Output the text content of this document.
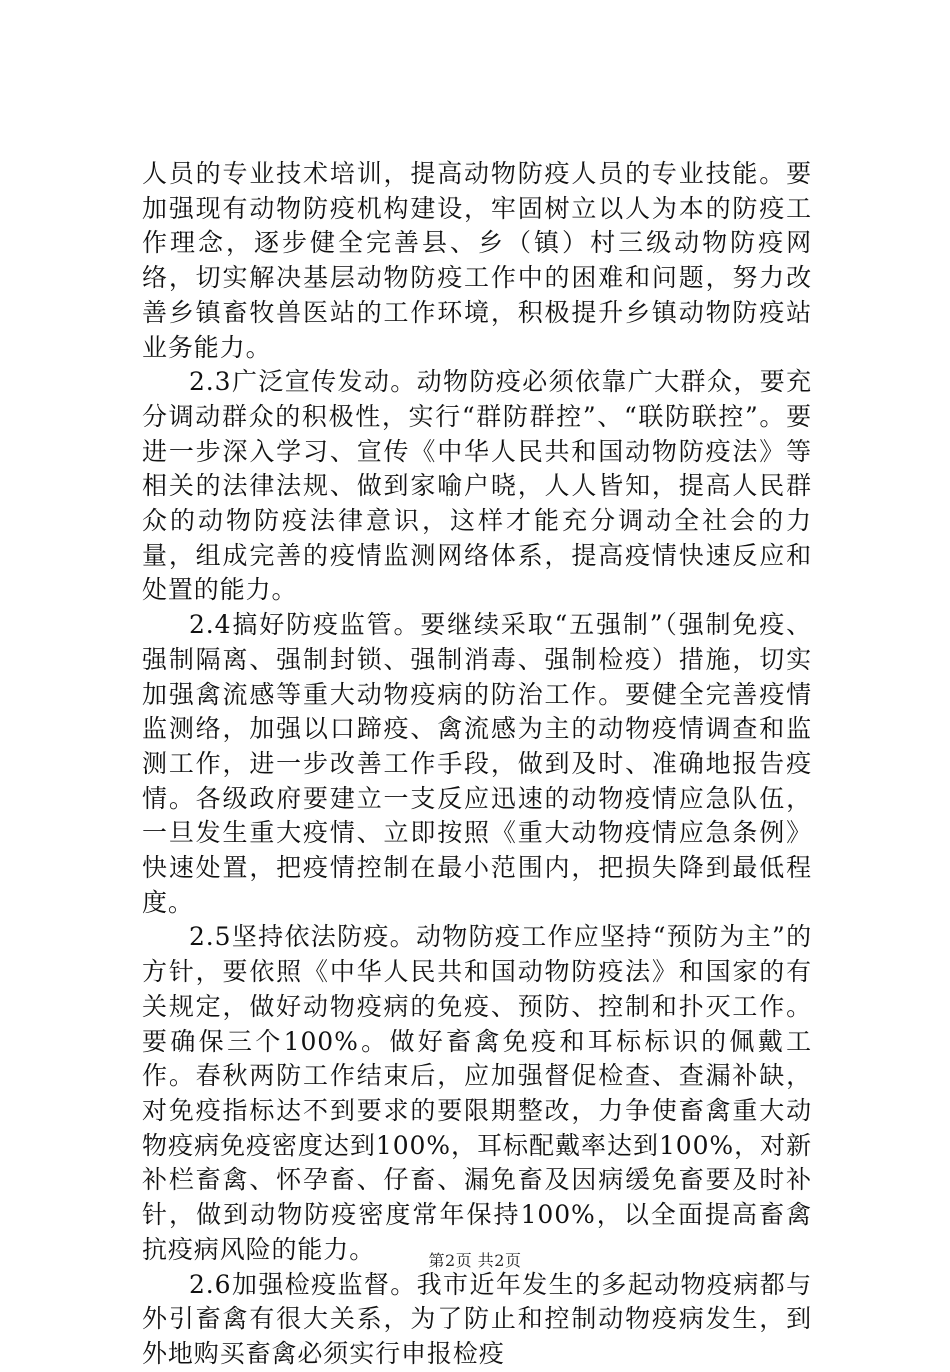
人员的专业技术培训，提高动物防疫人员的专业技能。要加强现有动物防疫机构建设，牢固树立以人为本的防疫工作理念，逐步健全完善县、乡（镇）村三级动物防疫网络，切实解决基层动物防疫工作中的困难和问题，努力改善乡镇畜牧兽医站的工作环境，积极提升乡镇动物防疫站业务能力。

2.3广泛宣传发动。动物防疫必须依靠广大群众，要充分调动群众的积极性，实行“群防群控”、“联防联控”。要进一步深入学习、宣传《中华人民共和国动物防疫法》等相关的法律法规、做到家喻户晓，人人皆知，提高人民群众的动物防疫法律意识，这样才能充分调动全社会的力量，组成完善的疫情监测网络体系，提高疫情快速反应和处置的能力。

2.4搞好防疫监管。要继续采取“五强制”（强制免疫、强制隔离、强制封锁、强制消毒、强制检疫）措施，切实加强禽流感等重大动物疫病的防治工作。要健全完善疫情监测络，加强以口蹄疫、禽流感为主的动物疫情调查和监测工作，进一步改善工作手段，做到及时、准确地报告疫情。各级政府要建立一支反应迅速的动物疫情应急队伍，一旦发生重大疫情、立即按照《重大动物疫情应急条例》快速处置，把疫情控制在最小范围内，把损失降到最低程度。

2.5坚持依法防疫。动物防疫工作应坚持“预防为主”的方针，要依照《中华人民共和国动物防疫法》和国家的有关规定，做好动物疫病的免疫、预防、控制和扑灭工作。要确保三个100%。做好畜禽免疫和耳标标识的佩戴工作。春秋两防工作结束后，应加强督促检查、查漏补缺，对免疫指标达不到要求的要限期整改，力争使畜禽重大动物疫病免疫密度达到100%，耳标配戴率达到100%，对新补栏畜禽、怀孕畜、仔畜、漏免畜及因病缓免畜要及时补针，做到动物防疫密度常年保持100%，以全面提高畜禽抗疫病风险的能力。

2.6加强检疫监督。我市近年发生的多起动物疫病都与外引畜禽有很大关系，为了防止和控制动物疫病发生，到外地购买畜禽必须实行申报检疫

第2页 共2页
